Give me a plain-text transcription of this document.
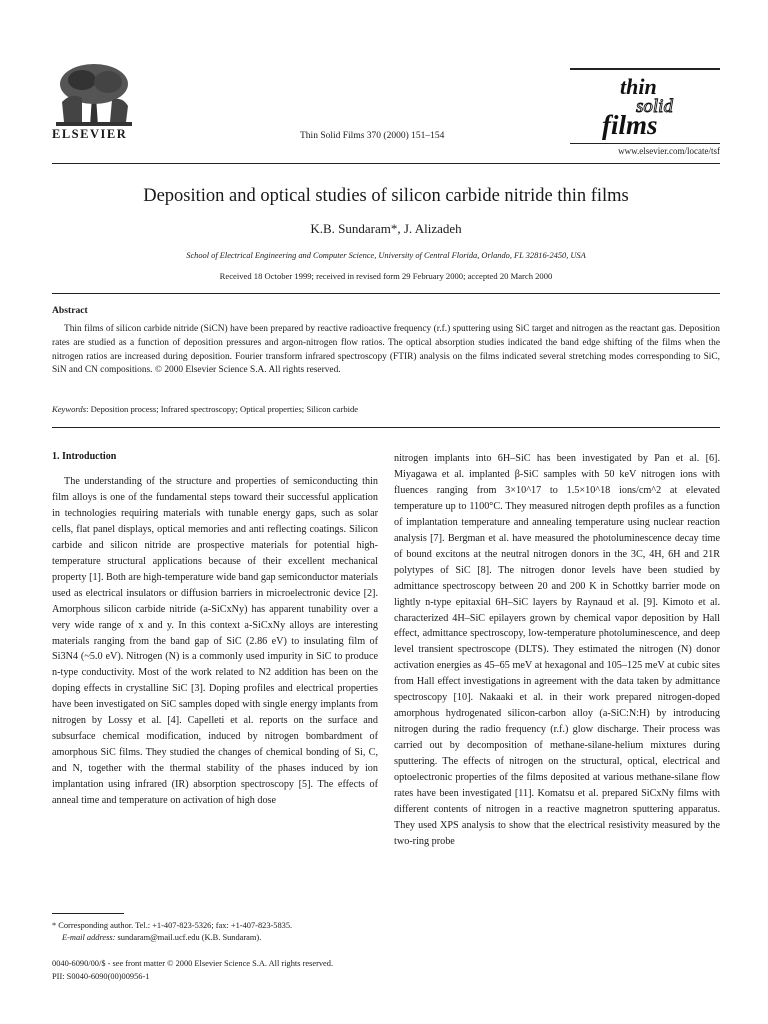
ELSEVIER	Thin Solid Films 370 (2000) 151–154
thin
solid
films
www.elsevier.com/locate/tsf
Deposition and optical studies of silicon carbide nitride thin films
K.B. Sundaram*, J. Alizadeh
School of Electrical Engineering and Computer Science, University of Central Florida, Orlando, FL 32816-2450, USA
Received 18 October 1999; received in revised form 29 February 2000; accepted 20 March 2000
Abstract
Thin films of silicon carbide nitride (SiCN) have been prepared by reactive radioactive frequency (r.f.) sputtering using SiC target and nitrogen as the reactant gas. Deposition rates are studied as a function of deposition pressures and argon-nitrogen flow ratios. The optical absorption studies indicated the band edge shifting of the films when the nitrogen ratios are increased during deposition. Fourier transform infrared spectroscopy (FTIR) analysis on the films indicated several stretching modes corresponding to SiC, SiN and CN compositions. © 2000 Elsevier Science S.A. All rights reserved.
Keywords: Deposition process; Infrared spectroscopy; Optical properties; Silicon carbide
1. Introduction
The understanding of the structure and properties of semiconducting thin film alloys is one of the fundamental steps toward their successful application in technologies requiring materials with tunable energy gaps, such as solar cells, flat panel displays, optical memories and anti reflecting coatings. Silicon carbide and silicon nitride are prospective materials for potential high-temperature structural applications because of their excellent mechanical property [1]. Both are high-temperature wide band gap semiconductor materials used as electrical insulators or diffusion barriers in microelectronic device [2]. Amorphous silicon carbide nitride (a-SiCxNy) has apparent tunability over a very wide range of x and y. In this context a-SiCxNy alloys are interesting materials ranging from the band gap of SiC (2.86 eV) to insulating film of Si3N4 (~5.0 eV). Nitrogen (N) is a commonly used impurity in SiC to produce n-type conductivity. Most of the work related to N2 addition has been on the doping effects in crystalline SiC [3]. Doping profiles and electrical properties have been investigated on SiC samples doped with single energy implants from nitrogen by Lossy et al. [4]. Capelleti et al. reports on the surface and subsurface chemical modification, induced by nitrogen bombardment of amorphous SiC films. They studied the changes of chemical bonding of Si, C, and N, together with the thermal stability of the phases induced by ion implantation using infrared (IR) absorption spectroscopy [5]. The effects of anneal time and temperature on activation of high dose
nitrogen implants into 6H–SiC has been investigated by Pan et al. [6]. Miyagawa et al. implanted β-SiC samples with 50 keV nitrogen ions with fluences ranging from 3×10^17 to 1.5×10^18 ions/cm^2 at elevated temperature up to 1100°C. They measured nitrogen depth profiles as a function of implantation temperature and annealing temperature using nuclear reaction analysis [7]. Bergman et al. have measured the photoluminescence decay time of bound excitons at the neutral nitrogen donors in the 3C, 4H, 6H and 21R polytypes of SiC [8]. The nitrogen donor levels have been studied by admittance spectroscopy between 20 and 200 K in Schottky barrier mode on lightly n-type epitaxial 6H–SiC layers by Raynaud et al. [9]. Kimoto et al. characterized 4H–SiC epilayers grown by chemical vapor deposition by Hall effect, admittance spectroscopy, low-temperature photoluminescence, and deep level transient spectroscope (DLTS). They estimated the nitrogen (N) donor activation energies as 45–65 meV at hexagonal and 105–125 meV at cubic sites from Hall effect investigations in agreement with the data taken by admittance spectroscopy [10]. Nakaaki et al. in their work prepared nitrogen-doped amorphous hydrogenated silicon-carbon alloy (a-SiC:N:H) by introducing nitrogen during the radio frequency (r.f.) glow discharge. Their process was carried out by decomposition of methane-silane-helium mixtures during sputtering. The effects of nitrogen on the structural, optical, electrical and optoelectronic properties of the films deposited at various methane-silane flow rates have been investigated [11]. Komatsu et al. prepared SiCxNy films with different contents of nitrogen in a reactive magnetron sputtering apparatus. They used XPS analysis to show that the electrical resistivity measured by the two-ring probe
* Corresponding author. Tel.: +1-407-823-5326; fax: +1-407-823-5835.
E-mail address: sundaram@mail.ucf.edu (K.B. Sundaram).
0040-6090/00/$ - see front matter © 2000 Elsevier Science S.A. All rights reserved.
PII: S0040-6090(00)00956-1
